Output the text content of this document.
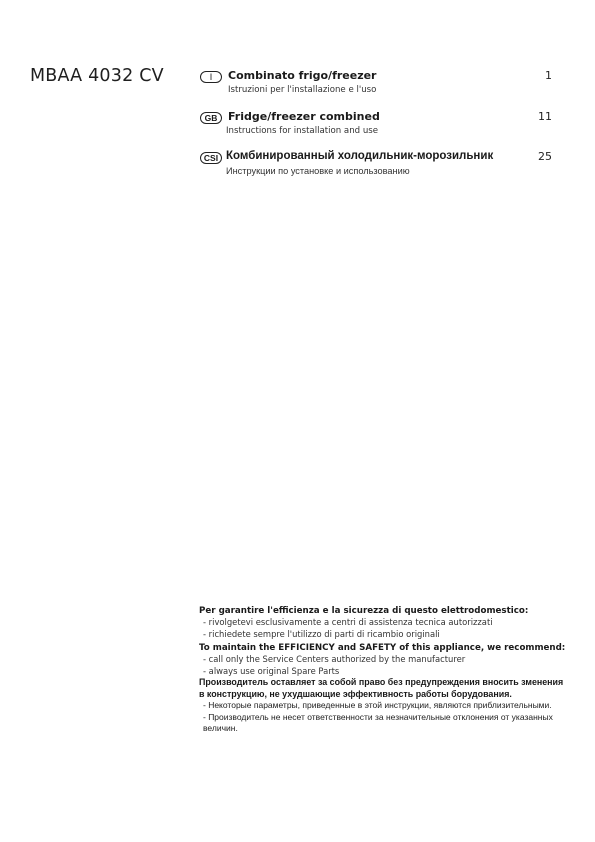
MBAA 4032 CV	I	Combinato frigo/freezer
Istruzioni per l'installazione e l'uso
1
GB Fridge/freezer combined
Instructions for installation and use
11
CSI Комбинированный холодильник-морозильник
Инструкции по установке и использованию
25
Per garantire l'efficienza e la sicurezza di questo elettrodomestico:
- rivolgetevi esclusivamente a centri di assistenza tecnica autorizzati
- richiedete sempre l'utilizzo di parti di ricambio originali
To maintain the EFFICIENCY and SAFETY of this appliance, we recommend:
- call only the Service Centers authorized by the manufacturer
- always use original Spare Parts
Производитель оставляет за собой право без предупреждения вносить зменения в конструкцию, не ухудшающие эффективность работы борудования.
- Некоторые параметры, приведенные в этой инструкции, являются приблизительными.
- Производитель не несет ответственности за незначительные отклонения от указанных величин.
